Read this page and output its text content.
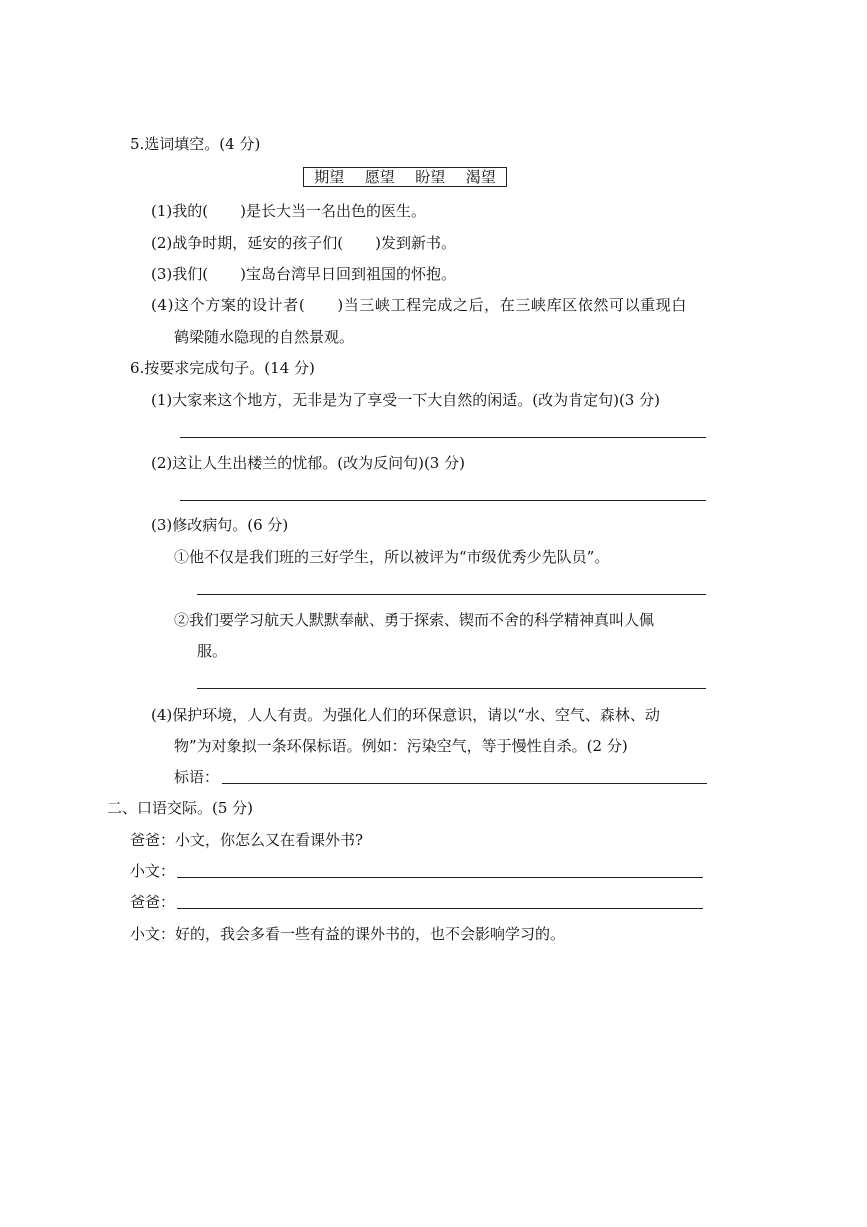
5.选词填空。(4 分)
期望 愿望 盼望 渴望
(1)我的( )是长大当一名出色的医生。
(2)战争时期，延安的孩子们( )发到新书。
(3)我们( )宝岛台湾早日回到祖国的怀抱。
(4)这个方案的设计者( )当三峡工程完成之后，在三峡库区依然可以重现白
鹤梁随水隐现的自然景观。
6.按要求完成句子。(14 分)
(1)大家来这个地方，无非是为了享受一下大自然的闲适。(改为肯定句)(3 分)
(2)这让人生出楼兰的忧郁。(改为反问句)(3 分)
(3)修改病句。(6 分)
①他不仅是我们班的三好学生，所以被评为“市级优秀少先队员”。
②我们要学习航天人默默奉献、勇于探索、锲而不舍的科学精神真叫人佩
服。
(4)保护环境，人人有责。为强化人们的环保意识，请以“水、空气、森林、动
物”为对象拟一条环保标语。例如：污染空气，等于慢性自杀。(2 分)
标语：
二、口语交际。(5 分)
爸爸：小文，你怎么又在看课外书?
小文：
爸爸：
小文：好的，我会多看一些有益的课外书的，也不会影响学习的。
